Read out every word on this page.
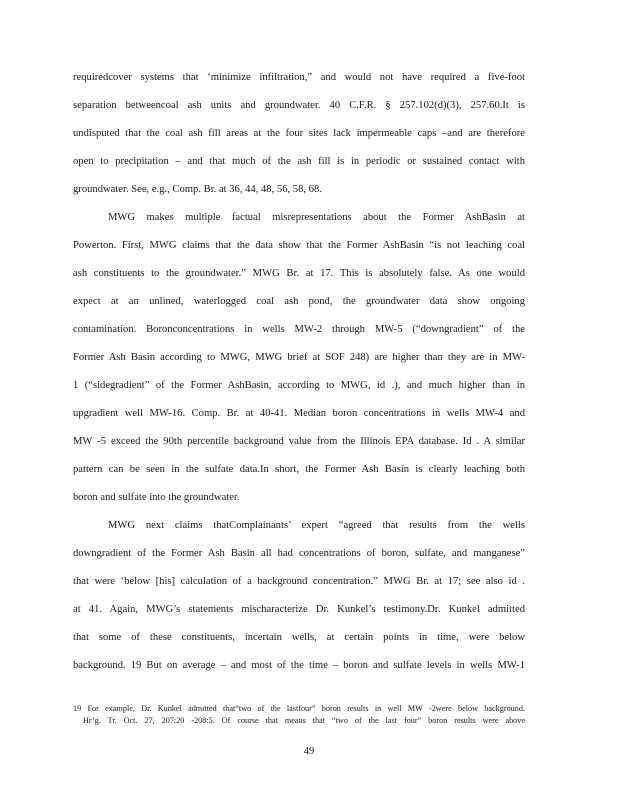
requiredcover systems that ‘minimize infiltration,” and would not have required a five-foot
separation betweencoal ash units and groundwater. 40 C.F.R. § 257.102(d)(3), 257.60.It is
undisputed that the coal ash fill areas at the four sites lack impermeable caps –and are therefore
open to precipitation – and that much of the ash fill is in periodic or sustained contact with
groundwater. See, e.g., Comp. Br. at 36, 44, 48, 56, 58, 68.
MWG makes multiple factual misrepresentations about the Former AshBasin at
Powerton. First, MWG claims that the data show that the Former AshBasin “is not leaching coal
ash constituents to the groundwater.” MWG Br. at 17. This is absolutely false. As one would
expect at an unlined, waterlogged coal ash pond, the groundwater data show ongoing
contamination. Boronconcentrations in wells MW-2 through MW-5 (“downgradient” of the
Former Ash Basin according to MWG, MWG brief at SOF 248) are higher than they are in MW-
1 (“sidegradient” of the Former AshBasin, according to MWG, id .), and much higher than in
upgradient well MW-16. Comp. Br. at 40-41. Median boron concentrations in wells MW-4 and
MW -5 exceed the 90th percentile background value from the Illinois EPA database. Id . A similar
pattern can be seen in the sulfate data.In short, the Former Ash Basin is clearly leaching both
boron and sulfate into the groundwater.
MWG next claims thatComplainants’ expert “agreed that results from the wells
downgradient of the Former Ash Basin all had concentrations of boron, sulfate, and manganese”
that were ‘below [his] calculation of a background concentration.” MWG Br. at 17; see also id .
at 41. Again, MWG’s statements mischaracterize Dr. Kunkel’s testimony.Dr. Kunkel admitted
that some of these constituents, incertain wells, at certain points in time, were below
background. 19 But on average – and most of the time – boron and sulfate levels in wells MW-1
19 For example, Dr. Kunkel admitted that“two of the lastfour” boron results in well MW -2were below background.
Hr’g. Tr. Oct. 27, 207:20 -208:5. Of course that means that “two of the last four” boron results were above
49
